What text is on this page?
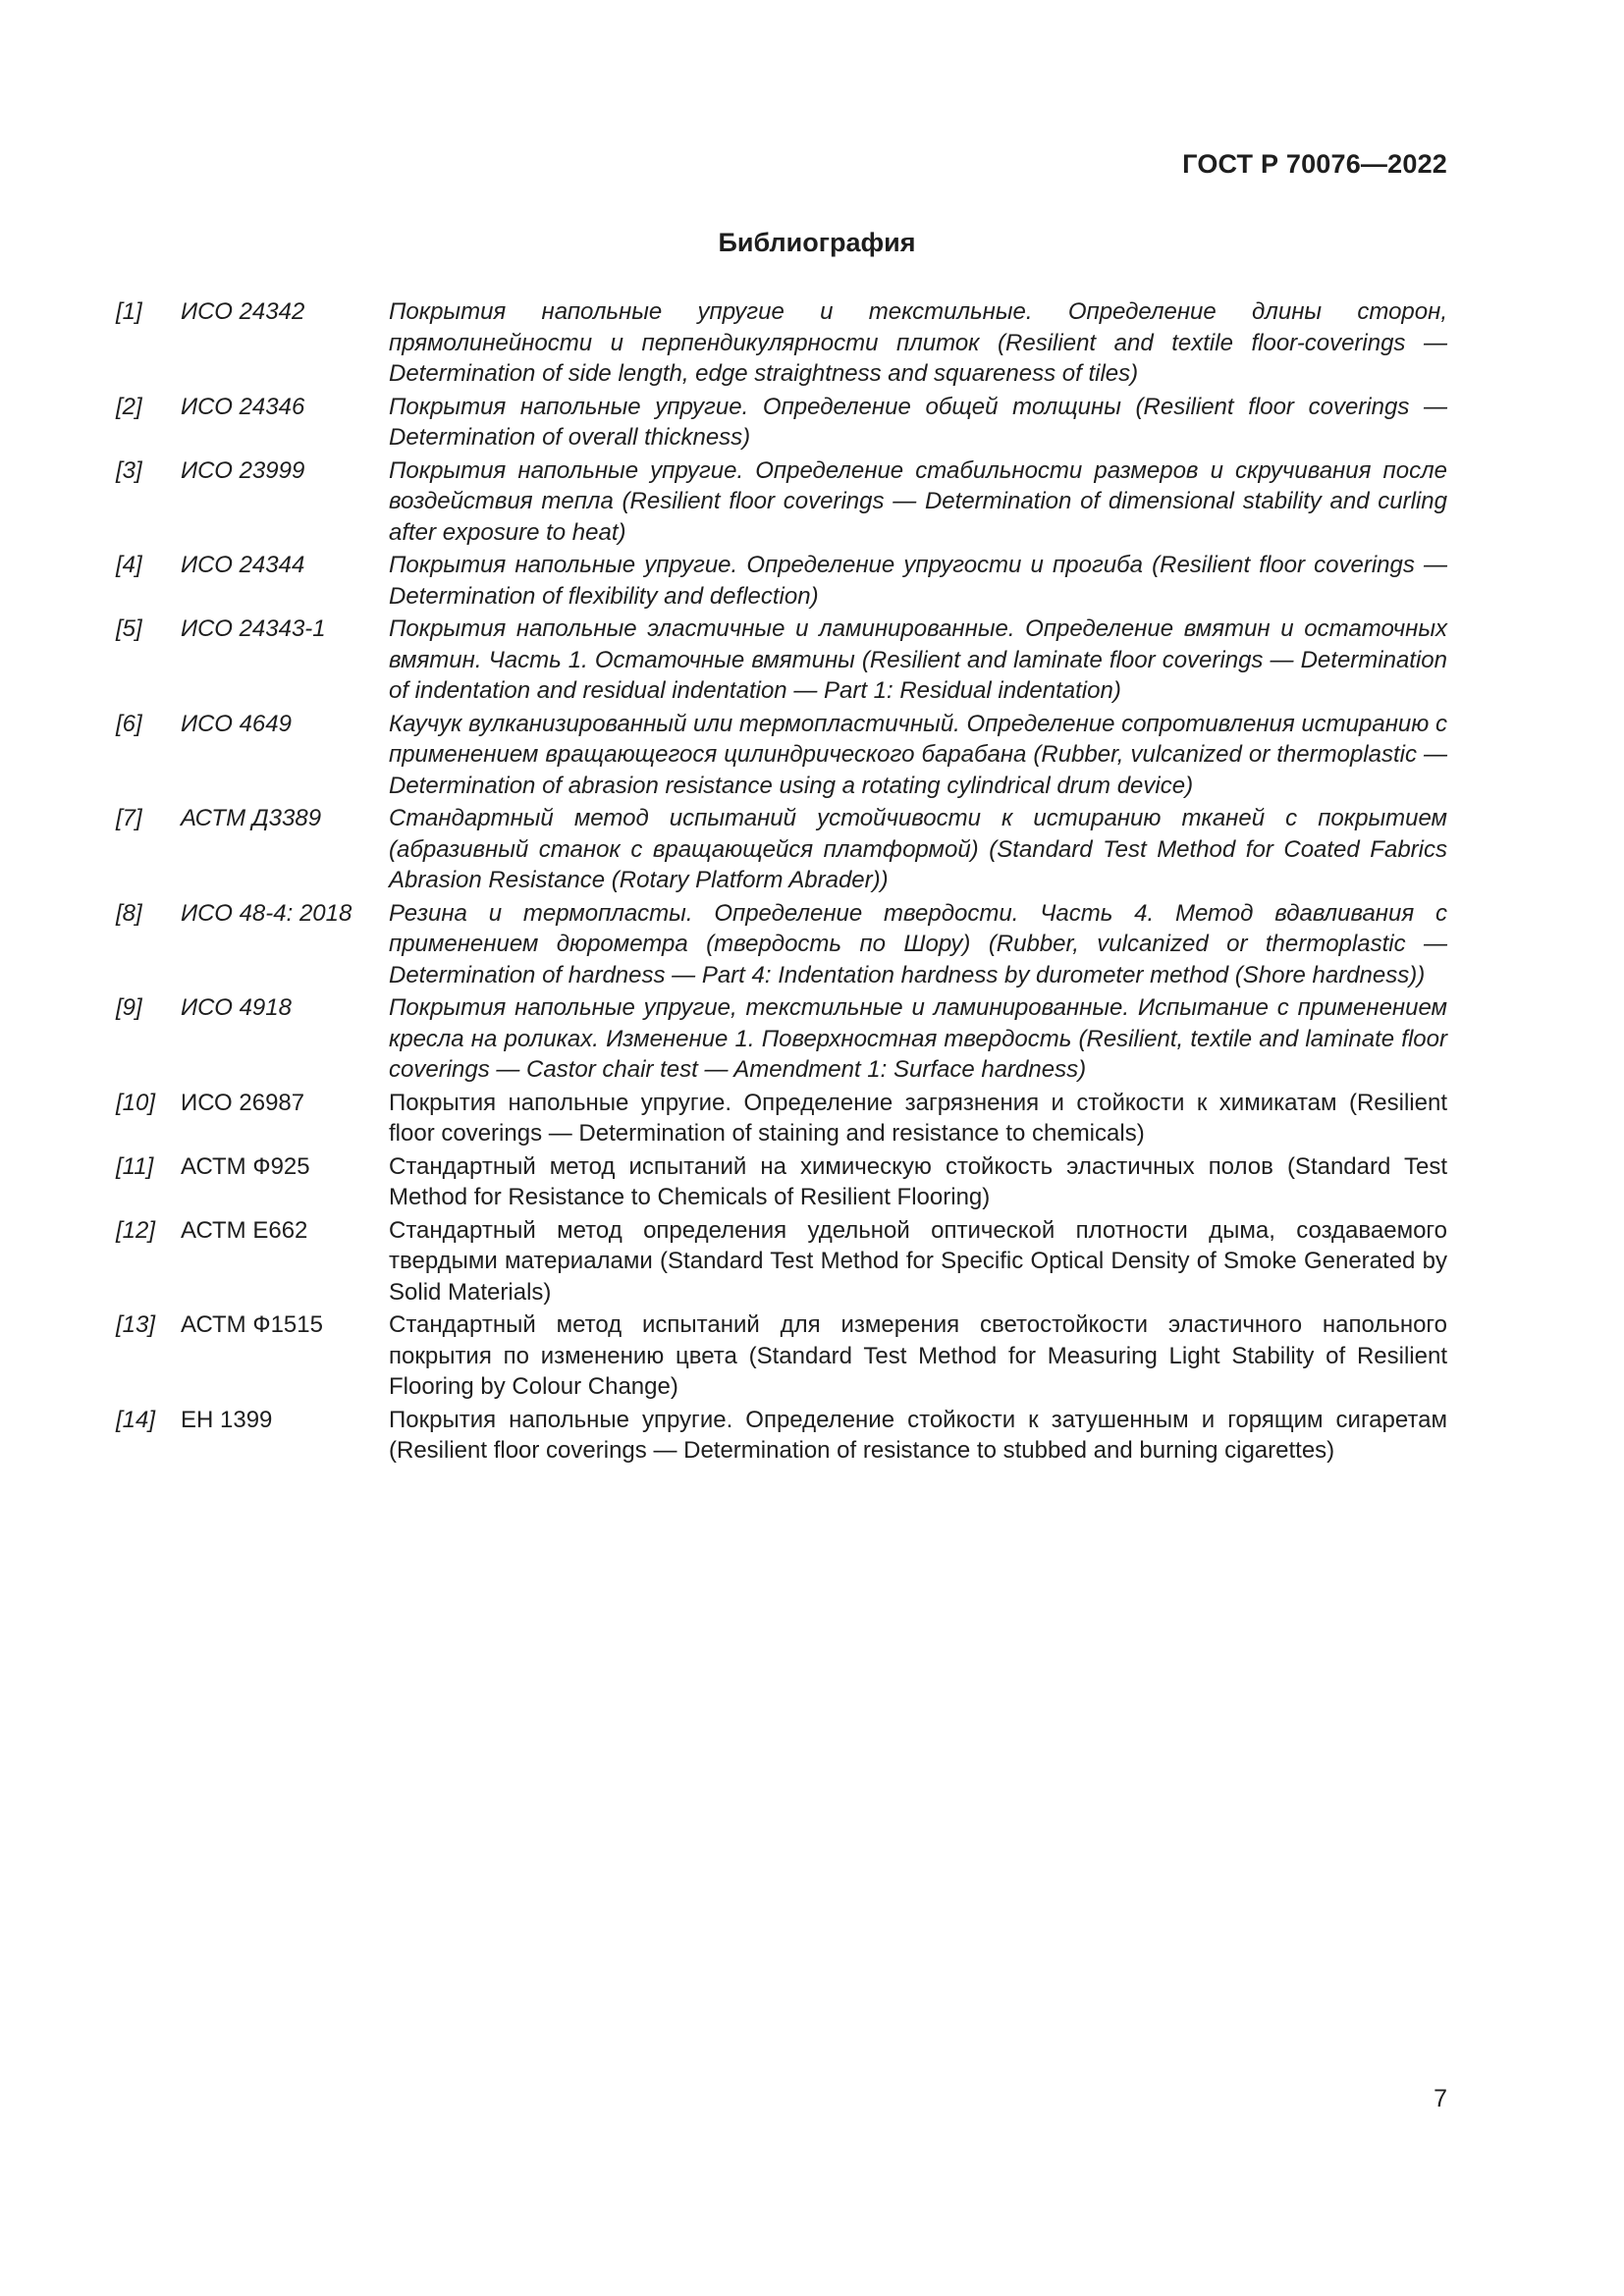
ГОСТ Р 70076—2022
Библиография
[1]	ИСО 24342	Покрытия напольные упругие и текстильные. Определение длины сторон, прямолинейности и перпендикулярности плиток (Resilient and textile floor-coverings — Determination of side length, edge straightness and squareness of tiles)
[2]	ИСО 24346	Покрытия напольные упругие. Определение общей толщины (Resilient floor coverings — Determination of overall thickness)
[3]	ИСО 23999	Покрытия напольные упругие. Определение стабильности размеров и скручивания после воздействия тепла (Resilient floor coverings — Determination of dimensional stability and curling after exposure to heat)
[4]	ИСО 24344	Покрытия напольные упругие. Определение упругости и прогиба (Resilient floor coverings — Determination of flexibility and deflection)
[5]	ИСО 24343-1	Покрытия напольные эластичные и ламинированные. Определение вмятин и остаточных вмятин. Часть 1. Остаточные вмятины (Resilient and laminate floor coverings — Determination of indentation and residual indentation — Part 1: Residual indentation)
[6]	ИСО 4649	Каучук вулканизированный или термопластичный. Определение сопротивления истиранию с применением вращающегося цилиндрического барабана (Rubber, vulcanized or thermoplastic — Determination of abrasion resistance using a rotating cylindrical drum device)
[7]	АСТМ Д3389	Стандартный метод испытаний устойчивости к истиранию тканей с покрытием (абразивный станок с вращающейся платформой) (Standard Test Method for Coated Fabrics Abrasion Resistance (Rotary Platform Abrader))
[8]	ИСО 48-4: 2018	Резина и термопласты. Определение твердости. Часть 4. Метод вдавливания с применением дюрометра (твердость по Шору) (Rubber, vulcanized or thermoplastic — Determination of hardness — Part 4: Indentation hardness by durometer method (Shore hardness))
[9]	ИСО 4918	Покрытия напольные упругие, текстильные и ламинированные. Испытание с применением кресла на роликах. Изменение 1. Поверхностная твердость (Resilient, textile and laminate floor coverings — Castor chair test — Amendment 1: Surface hardness)
[10]	ИСО 26987	Покрытия напольные упругие. Определение загрязнения и стойкости к химикатам (Resilient floor coverings — Determination of staining and resistance to chemicals)
[11]	АСТМ Ф925	Стандартный метод испытаний на химическую стойкость эластичных полов (Standard Test Method for Resistance to Chemicals of Resilient Flooring)
[12]	АСТМ Е662	Стандартный метод определения удельной оптической плотности дыма, создаваемого твердыми материалами (Standard Test Method for Specific Optical Density of Smoke Generated by Solid Materials)
[13]	АСТМ Ф1515	Стандартный метод испытаний для измерения светостойкости эластичного напольного покрытия по изменению цвета (Standard Test Method for Measuring Light Stability of Resilient Flooring by Colour Change)
[14]	ЕН 1399	Покрытия напольные упругие. Определение стойкости к затушенным и горящим сигаретам (Resilient floor coverings — Determination of resistance to stubbed and burning cigarettes)
7
